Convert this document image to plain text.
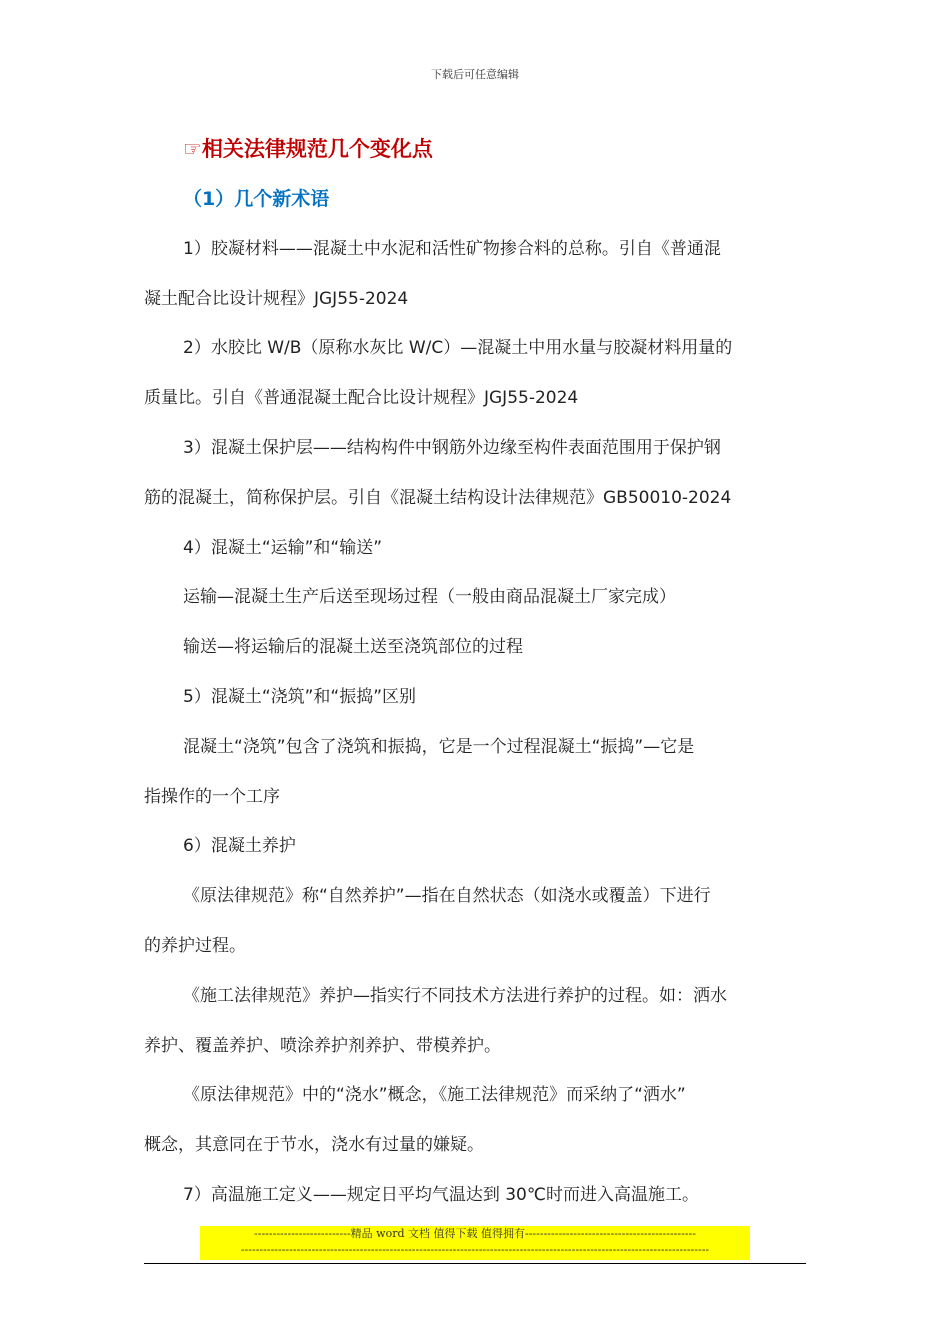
下载后可任意编辑
☞相关法律规范几个变化点
（1）几个新术语
1）胶凝材料——混凝土中水泥和活性矿物掺合料的总称。引自《普通混
凝土配合比设计规程》JGJ55-2024
2）水胶比 W/B（原称水灰比 W/C）—混凝土中用水量与胶凝材料用量的
质量比。引自《普通混凝土配合比设计规程》JGJ55-2024
3）混凝土保护层——结构构件中钢筋外边缘至构件表面范围用于保护钢
筋的混凝土，简称保护层。引自《混凝土结构设计法律规范》GB50010-2024
4）混凝土“运输”和“输送”
运输—混凝土生产后送至现场过程（一般由商品混凝土厂家完成）
输送—将运输后的混凝土送至浇筑部位的过程
5）混凝土“浇筑”和“振捣”区别
混凝土“浇筑”包含了浇筑和振捣，它是一个过程混凝土“振捣”—它是
指操作的一个工序
6）混凝土养护
《原法律规范》称“自然养护”—指在自然状态（如浇水或覆盖）下进行
的养护过程。
《施工法律规范》养护—指实行不同技术方法进行养护的过程。如：洒水
养护、覆盖养护、喷涂养护剂养护、带模养护。
《原法律规范》中的“浇水”概念，《施工法律规范》而采纳了“洒水”
概念，其意同在于节水，浇水有过量的嫌疑。
7）高温施工定义——规定日平均气温达到 30℃时而进入高温施工。
--------------------------精品 word 文档 值得下载 值得拥有----------------------------------------------
------------------------------------------------------------------------------------------------------------------------------
